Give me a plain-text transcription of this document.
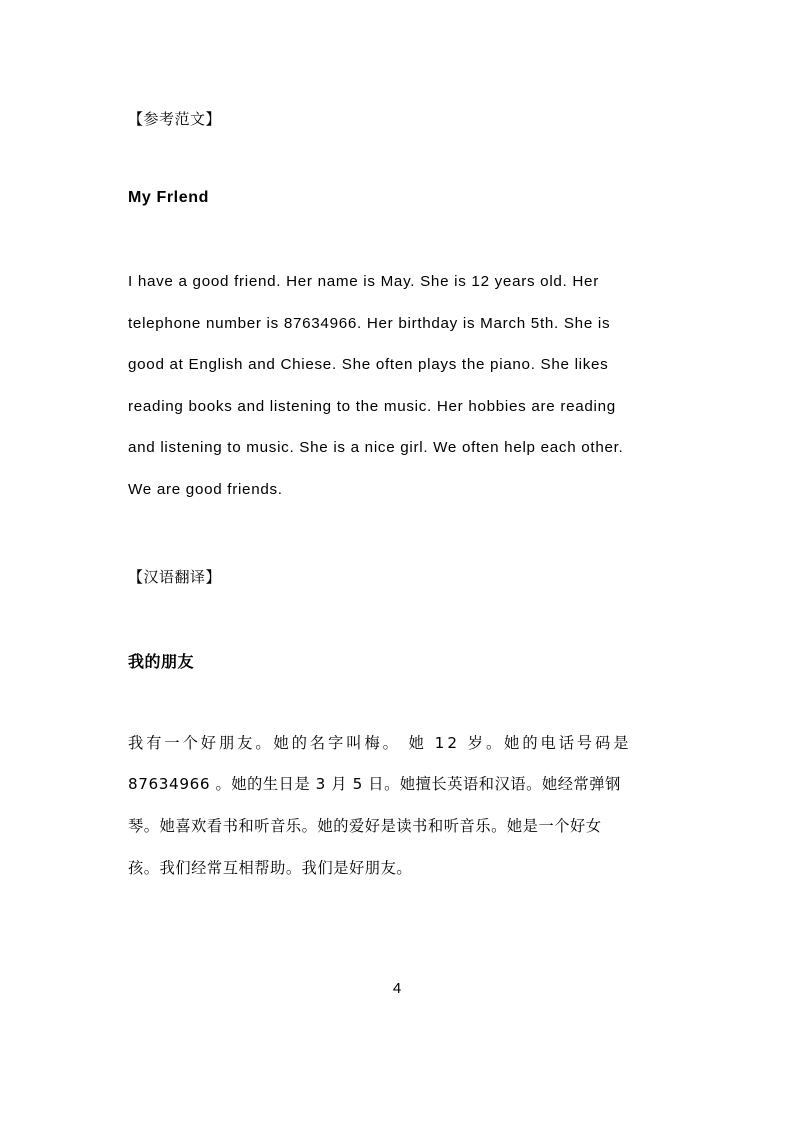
【参考范文】
My Frlend
I have a good friend. Her name is May. She is 12 years old. Her
telephone number is 87634966. Her birthday is March 5th. She is
good at English and Chiese. She often plays the piano. She likes
reading books and listening to the music. Her hobbies are reading
and listening to music. She is a nice girl. We often help each other.
We are good friends.
【汉语翻译】
我的朋友
我有一个好朋友。她的名字叫梅。 她 12 岁。她的电话号码是
87634966 。她的生日是 3 月 5 日。她擅长英语和汉语。她经常弹钢
琴。她喜欢看书和听音乐。她的爱好是读书和听音乐。她是一个好女
孩。我们经常互相帮助。我们是好朋友。
4
